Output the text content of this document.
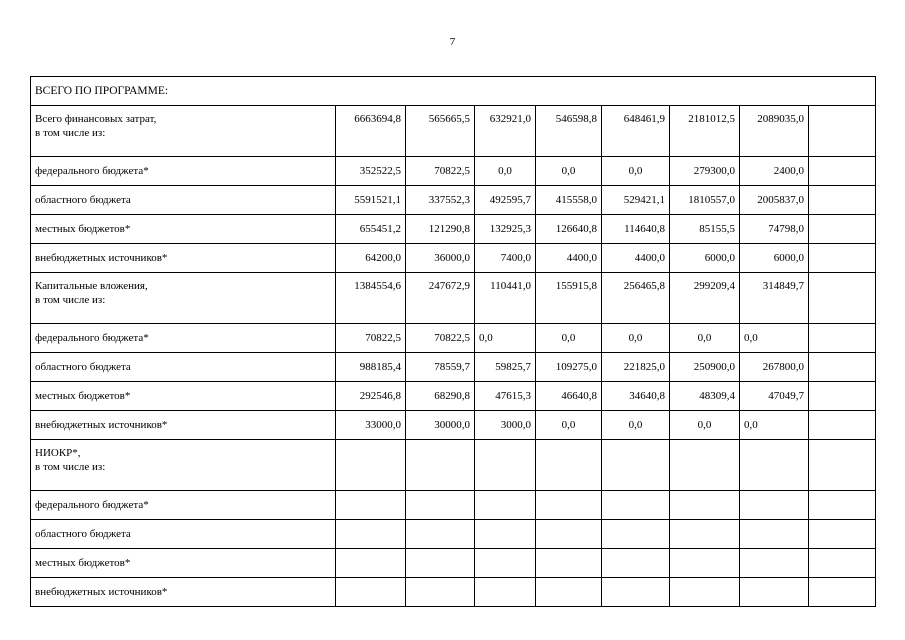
7
ВСЕГО ПО ПРОГРАММЕ:								
Всего финансовых затрат,
в том числе из:	6663694,8	565665,5	632921,0	546598,8	648461,9	2181012,5	2089035,0	
федерального бюджета*	352522,5	70822,5	0,0	0,0	0,0	279300,0	2400,0	
областного бюджета	5591521,1	337552,3	492595,7	415558,0	529421,1	1810557,0	2005837,0	
местных бюджетов*	655451,2	121290,8	132925,3	126640,8	114640,8	85155,5	74798,0	
внебюджетных источников*	64200,0	36000,0	7400,0	4400,0	4400,0	6000,0	6000,0	
Капитальные вложения,
в том числе из:	1384554,6	247672,9	110441,0	155915,8	256465,8	299209,4	314849,7	
федерального бюджета*	70822,5	70822,5	0,0	0,0	0,0	0,0	0,0	
областного бюджета	988185,4	78559,7	59825,7	109275,0	221825,0	250900,0	267800,0	
местных бюджетов*	292546,8	68290,8	47615,3	46640,8	34640,8	48309,4	47049,7	
внебюджетных источников*	33000,0	30000,0	3000,0	0,0	0,0	0,0	0,0	
НИОКР*,
в том числе из:								
федерального бюджета*								
областного бюджета								
местных бюджетов*								
внебюджетных источников*								
